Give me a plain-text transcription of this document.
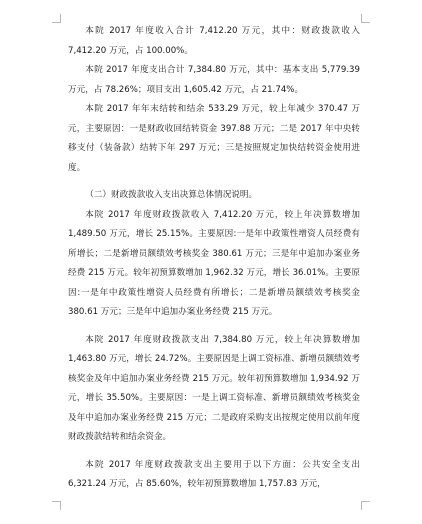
本院 2017 年度收入合计 7,412.20 万元，其中：财政拨款收入 7,412.20 万元，占 100.00%。

本院 2017 年度支出合计 7,384.80 万元，其中：基本支出 5,779.39 万元，占 78.26%；项目支出 1,605.42 万元，占 21.74%。

本院 2017 年年末结转和结余 533.29 万元，较上年减少 370.47 万元，主要原因：一是财政收回结转资金 397.88 万元；二是 2017 年中央转移支付（装备款）结转下年 297 万元；三是按照规定加快结转资金使用进度。

（二）财政拨款收入支出决算总体情况说明。

本院 2017 年度财政拨款收入 7,412.20 万元，较上年决算数增加 1,489.50 万元，增长 25.15%。主要原因:一是年中政策性增资人员经费有所增长；二是新增员额绩效考核奖金 380.61 万元；三是年中追加办案业务经费 215 万元。较年初预算数增加 1,962.32 万元，增长 36.01%。主要原因:一是年中政策性增资人员经费有所增长；二是新增员额绩效考核奖金 380.61 万元；三是年中追加办案业务经费 215 万元。

本院 2017 年度财政拨款支出 7,384.80 万元，较上年决算数增加 1,463.80 万元，增长 24.72%。主要原因是上调工资标准、新增员额绩效考核奖金及年中追加办案业务经费 215 万元。较年初预算数增加 1,934.92 万元，增长 35.50%。主要原因：一是上调工资标准、新增员额绩效考核奖金及年中追加办案业务经费 215 万元；二是政府采购支出按规定使用以前年度财政拨款结转和结余资金。

本院 2017 年度财政拨款支出主要用于以下方面：公共安全支出 6,321.24 万元，占 85.60%，较年初预算数增加 1,757.83 万元，
